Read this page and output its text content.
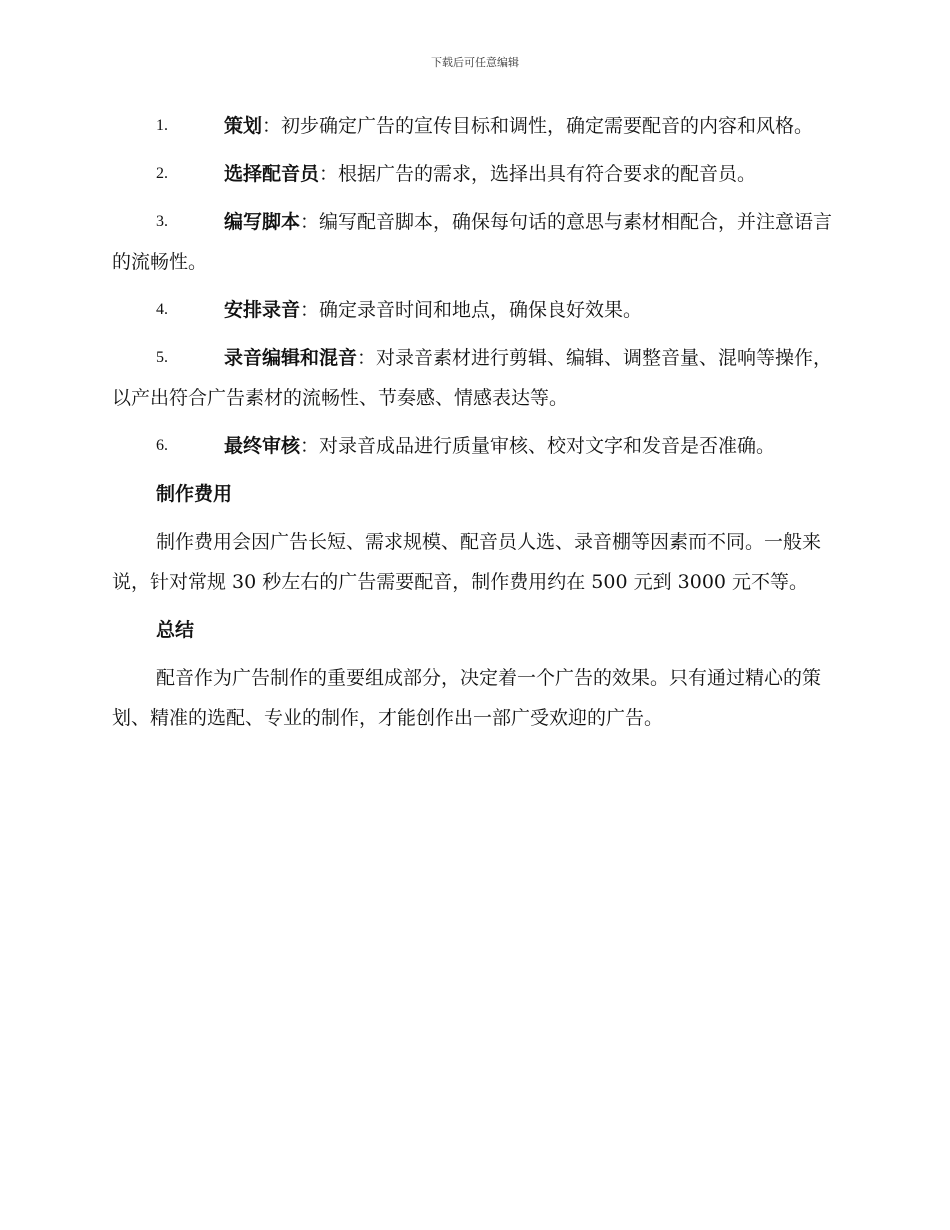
下载后可任意编辑
1.	策划：初步确定广告的宣传目标和调性，确定需要配音的内容和风格。
2.	选择配音员：根据广告的需求，选择出具有符合要求的配音员。
3.	编写脚本：编写配音脚本，确保每句话的意思与素材相配合，并注意语言的流畅性。
4.	安排录音：确定录音时间和地点，确保良好效果。
5.	录音编辑和混音：对录音素材进行剪辑、编辑、调整音量、混响等操作，以产出符合广告素材的流畅性、节奏感、情感表达等。
6.	最终审核：对录音成品进行质量审核、校对文字和发音是否准确。
制作费用
制作费用会因广告长短、需求规模、配音员人选、录音棚等因素而不同。一般来说，针对常规 30 秒左右的广告需要配音，制作费用约在 500 元到 3000 元不等。
总结
配音作为广告制作的重要组成部分，决定着一个广告的效果。只有通过精心的策划、精准的选配、专业的制作，才能创作出一部广受欢迎的广告。
